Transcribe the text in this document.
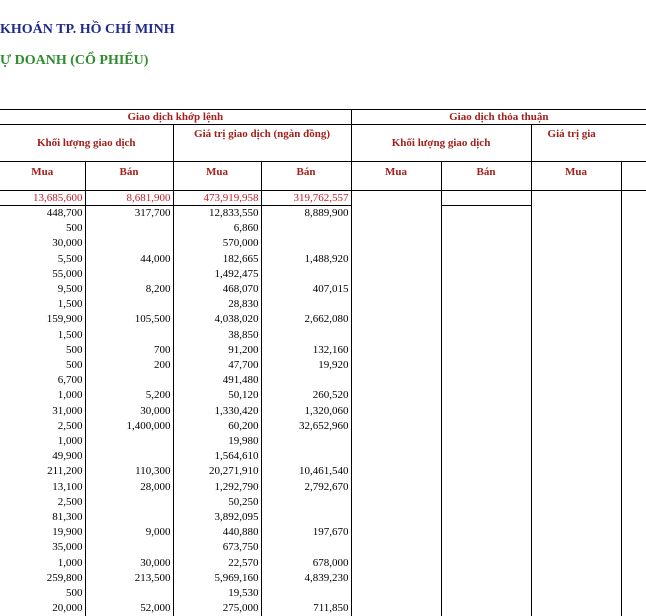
KHOÁN TP. HỒ CHÍ MINH
Ự DOANH (CỔ PHIẾU)
Giao dịch khớp lệnh				Giao dịch thỏa thuận			
Khối lượng giao dịch		Giá trị giao dịch (ngàn đồng)		Khối lượng giao dịch		Giá trị gia	
Mua	Bán	Mua	Bán	Mua	Bán	Mua	
13,685,600	8,681,900	473,919,958	319,762,557				
448,700	317,700	12,833,550	8,889,900				
500		6,860					
30,000		570,000					
5,500	44,000	182,665	1,488,920				
55,000		1,492,475					
9,500	8,200	468,070	407,015				
1,500		28,830					
159,900	105,500	4,038,020	2,662,080				
1,500		38,850					
500	700	91,200	132,160				
500	200	47,700	19,920				
6,700		491,480					
1,000	5,200	50,120	260,520				
31,000	30,000	1,330,420	1,320,060				
2,500	1,400,000	60,200	32,652,960				
1,000		19,980					
49,900		1,564,610					
211,200	110,300	20,271,910	10,461,540				
13,100	28,000	1,292,790	2,792,670				
2,500		50,250					
81,300		3,892,095					
19,900	9,000	440,880	197,670				
35,000		673,750					
1,000	30,000	22,570	678,000				
259,800	213,500	5,969,160	4,839,230				
500		19,530					
20,000	52,000	275,000	711,850				
